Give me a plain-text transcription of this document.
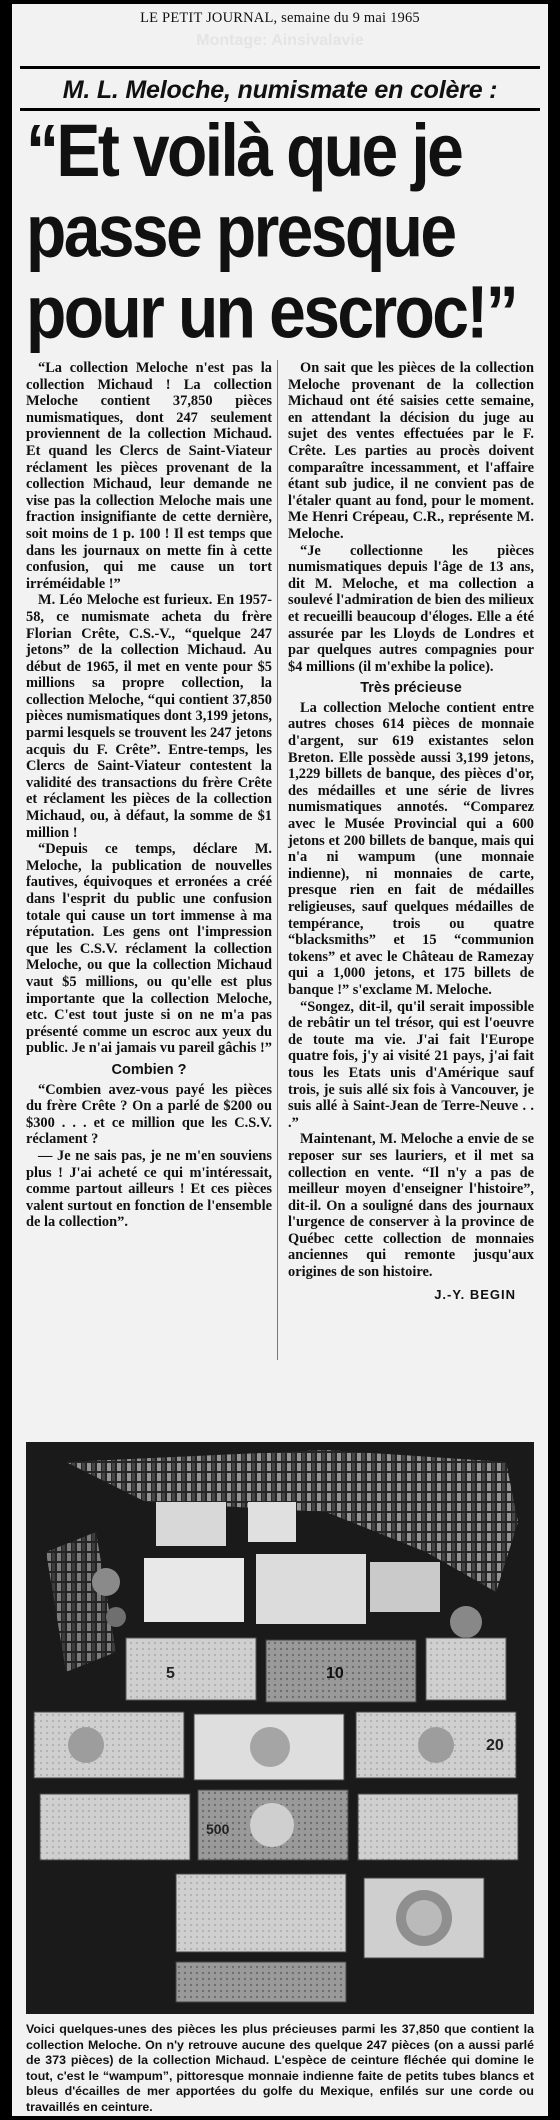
LE PETIT JOURNAL, semaine du 9 mai 1965
Montage: Ainsivalavie
M. L. Meloche, numismate en colère :
“Et voilà que je
passe presque
pour un escroc!”

“La collection Meloche n'est pas la collection Michaud ! La collection Meloche contient 37,850 pièces numismatiques, dont 247 seulement proviennent de la collection Michaud. Et quand les Clercs de Saint-Viateur réclament les pièces provenant de la collection Michaud, leur demande ne vise pas la collection Meloche mais une fraction insignifiante de cette dernière, soit moins de 1 p. 100 ! Il est temps que dans les journaux on mette fin à cette confusion, qui me cause un tort irréméidable !”

M. Léo Meloche est furieux. En 1957-58, ce numismate acheta du frère Florian Crête, C.S.-V., “quelque 247 jetons” de la collection Michaud. Au début de 1965, il met en vente pour $5 millions sa propre collection, la collection Meloche, “qui contient 37,850 pièces numismatiques dont 3,199 jetons, parmi lesquels se trouvent les 247 jetons acquis du F. Crête”. Entre-temps, les Clercs de Saint-Viateur contestent la validité des transactions du frère Crête et réclament les pièces de la collection Michaud, ou, à défaut, la somme de $1 million !

“Depuis ce temps, déclare M. Meloche, la publication de nouvelles fautives, équivoques et erronées a créé dans l'esprit du public une confusion totale qui cause un tort immense à ma réputation. Les gens ont l'impression que les C.S.V. réclament la collection Meloche, ou que la collection Michaud vaut $5 millions, ou qu'elle est plus importante que la collection Meloche, etc. C'est tout juste si on ne m'a pas présenté comme un escroc aux yeux du public. Je n'ai jamais vu pareil gâchis !”

Combien ?

“Combien avez-vous payé les pièces du frère Crête ? On a parlé de $200 ou $300 . . . et ce million que les C.S.V. réclament ?

— Je ne sais pas, je ne m'en souviens plus ! J'ai acheté ce qui m'intéressait, comme partout ailleurs ! Et ces pièces valent surtout en fonction de l'ensemble de la collection”.

On sait que les pièces de la collection Meloche provenant de la collection Michaud ont été saisies cette semaine, en attendant la décision du juge au sujet des ventes effectuées par le F. Crête. Les parties au procès doivent comparaître incessamment, et l'affaire étant sub judice, il ne convient pas de l'étaler quant au fond, pour le moment. Me Henri Crépeau, C.R., représente M. Meloche.

“Je collectionne les pièces numismatiques depuis l'âge de 13 ans, dit M. Meloche, et ma collection a soulevé l'admiration de bien des milieux et recueilli beaucoup d'éloges. Elle a été assurée par les Lloyds de Londres et par quelques autres compagnies pour $4 millions (il m'exhibe la police).

Très précieuse

La collection Meloche contient entre autres choses 614 pièces de monnaie d'argent, sur 619 existantes selon Breton. Elle possède aussi 3,199 jetons, 1,229 billets de banque, des pièces d'or, des médailles et une série de livres numismatiques annotés. “Comparez avec le Musée Provincial qui a 600 jetons et 200 billets de banque, mais qui n'a ni wampum (une monnaie indienne), ni monnaies de carte, presque rien en fait de médailles religieuses, sauf quelques médailles de tempérance, trois ou quatre “blacksmiths” et 15 “communion tokens” et avec le Château de Ramezay qui a 1,000 jetons, et 175 billets de banque !” s'exclame M. Meloche.

“Songez, dit-il, qu'il serait impossible de rebâtir un tel trésor, qui est l'oeuvre de toute ma vie. J'ai fait l'Europe quatre fois, j'y ai visité 21 pays, j'ai fait tous les Etats unis d'Amérique sauf trois, je suis allé six fois à Vancouver, je suis allé à Saint-Jean de Terre-Neuve . . .”

Maintenant, M. Meloche a envie de se reposer sur ses lauriers, et il met sa collection en vente. “Il n'y a pas de meilleur moyen d'enseigner l'histoire”, dit-il. On a souligné dans des journaux l'urgence de conserver à la province de Québec cette collection de monnaies anciennes qui remonte jusqu'aux origines de son histoire.

J.-Y. BEGIN
500
5	10
20
Voici quelques-unes des pièces les plus précieuses parmi les 37,850 que contient la collection Meloche. On n'y retrouve aucune des quelque 247 pièces (on a aussi parlé de 373 pièces) de la collection Michaud. L'espèce de ceinture fléchée qui domine le tout, c'est le “wampum”, pittoresque monnaie indienne faite de petits tubes blancs et bleus d'écailles de mer apportées du golfe du Mexique, enfilés sur une corde ou travaillés en ceinture.
